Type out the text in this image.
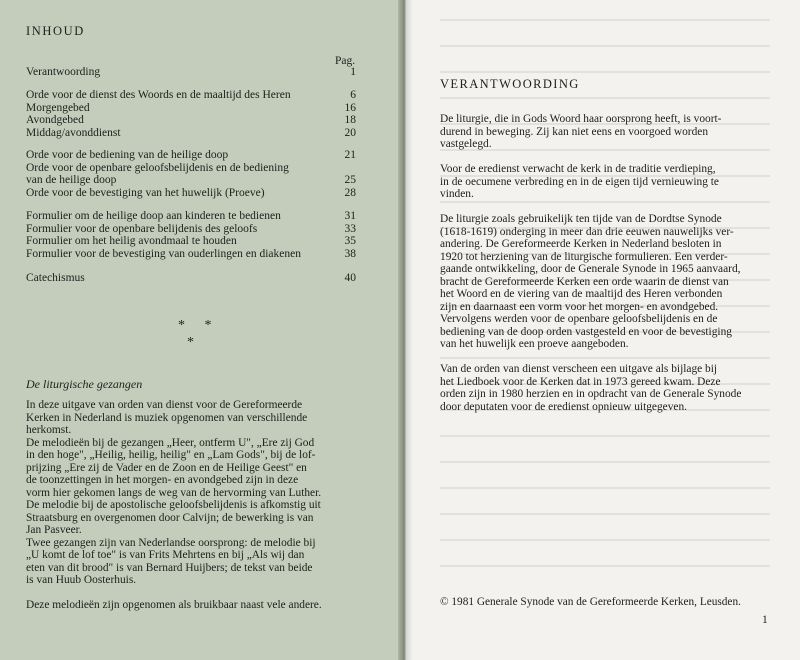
INHOUD
Pag.
Verantwoording	1
Orde voor de dienst des Woords en de maaltijd des Heren	6
Morgengebed	16
Avondgebed	18
Middag/avonddienst	20
Orde voor de bediening van de heilige doop	21
Orde voor de openbare geloofsbelijdenis en de bediening
van de heilige doop	25
Orde voor de bevestiging van het huwelijk (Proeve)	28
Formulier om de heilige doop aan kinderen te bedienen	31
Formulier voor de openbare belijdenis des geloofs	33
Formulier om het heilig avondmaal te houden	35
Formulier voor de bevestiging van ouderlingen en diakenen	38
Catechismus	40
* *
*
De liturgische gezangen
In deze uitgave van orden van dienst voor de Gereformeerde
Kerken in Nederland is muziek opgenomen van verschillende
herkomst.
De melodieën bij de gezangen „Heer, ontferm U", „Ere zij God
in den hoge", „Heilig, heilig, heilig" en „Lam Gods", bij de lof-
prijzing „Ere zij de Vader en de Zoon en de Heilige Geest" en
de toonzettingen in het morgen- en avondgebed zijn in deze
vorm hier gekomen langs de weg van de hervorming van Luther.
De melodie bij de apostolische geloofsbelijdenis is afkomstig uit
Straatsburg en overgenomen door Calvijn; de bewerking is van
Jan Pasveer.
Twee gezangen zijn van Nederlandse oorsprong: de melodie bij
„U komt de lof toe" is van Frits Mehrtens en bij „Als wij dan
eten van dit brood" is van Bernard Huijbers; de tekst van beide
is van Huub Oosterhuis.
Deze melodieën zijn opgenomen als bruikbaar naast vele andere.
VERANTWOORDING
De liturgie, die in Gods Woord haar oorsprong heeft, is voort-
durend in beweging. Zij kan niet eens en voorgoed worden
vastgelegd.
Voor de eredienst verwacht de kerk in de traditie verdieping,
in de oecumene verbreding en in de eigen tijd vernieuwing te
vinden.
De liturgie zoals gebruikelijk ten tijde van de Dordtse Synode
(1618-1619) onderging in meer dan drie eeuwen nauwelijks ver-
andering. De Gereformeerde Kerken in Nederland besloten in
1920 tot herziening van de liturgische formulieren. Een verder-
gaande ontwikkeling, door de Generale Synode in 1965 aanvaard,
bracht de Gereformeerde Kerken een orde waarin de dienst van
het Woord en de viering van de maaltijd des Heren verbonden
zijn en daarnaast een vorm voor het morgen- en avondgebed.
Vervolgens werden voor de openbare geloofsbelijdenis en de
bediening van de doop orden vastgesteld en voor de bevestiging
van het huwelijk een proeve aangeboden.
Van de orden van dienst verscheen een uitgave als bijlage bij
het Liedboek voor de Kerken dat in 1973 gereed kwam. Deze
orden zijn in 1980 herzien en in opdracht van de Generale Synode
door deputaten voor de eredienst opnieuw uitgegeven.
© 1981 Generale Synode van de Gereformeerde Kerken, Leusden.
1
